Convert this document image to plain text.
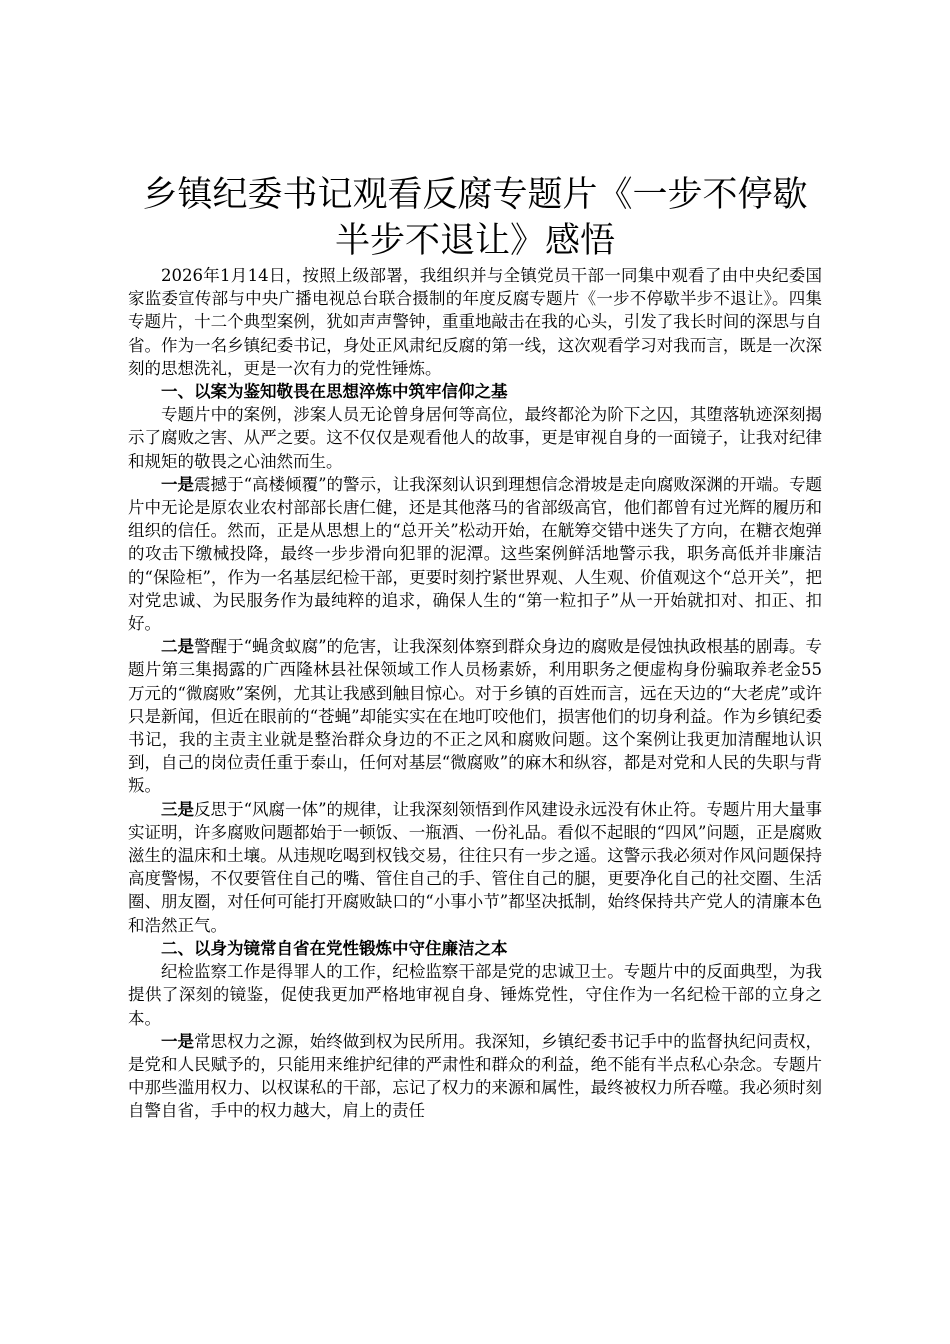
乡镇纪委书记观看反腐专题片《一步不停歇半步不退让》感悟

2026年1月14日，按照上级部署，我组织并与全镇党员干部一同集中观看了由中央纪委国家监委宣传部与中央广播电视总台联合摄制的年度反腐专题片《一步不停歇半步不退让》。四集专题片，十二个典型案例，犹如声声警钟，重重地敲击在我的心头，引发了我长时间的深思与自省。作为一名乡镇纪委书记，身处正风肃纪反腐的第一线，这次观看学习对我而言，既是一次深刻的思想洗礼，更是一次有力的党性锤炼。

一、以案为鉴知敬畏在思想淬炼中筑牢信仰之基

专题片中的案例，涉案人员无论曾身居何等高位，最终都沦为阶下之囚，其堕落轨迹深刻揭示了腐败之害、从严之要。这不仅仅是观看他人的故事，更是审视自身的一面镜子，让我对纪律和规矩的敬畏之心油然而生。

一是震撼于“高楼倾覆”的警示，让我深刻认识到理想信念滑坡是走向腐败深渊的开端。专题片中无论是原农业农村部部长唐仁健，还是其他落马的省部级高官，他们都曾有过光辉的履历和组织的信任。然而，正是从思想上的“总开关”松动开始，在觥筹交错中迷失了方向，在糖衣炮弹的攻击下缴械投降，最终一步步滑向犯罪的泥潭。这些案例鲜活地警示我，职务高低并非廉洁的“保险柜”，作为一名基层纪检干部，更要时刻拧紧世界观、人生观、价值观这个“总开关”，把对党忠诚、为民服务作为最纯粹的追求，确保人生的“第一粒扣子”从一开始就扣对、扣正、扣好。

二是警醒于“蝇贪蚁腐”的危害，让我深刻体察到群众身边的腐败是侵蚀执政根基的剧毒。专题片第三集揭露的广西隆林县社保领域工作人员杨素娇，利用职务之便虚构身份骗取养老金55万元的“微腐败”案例，尤其让我感到触目惊心。对于乡镇的百姓而言，远在天边的“大老虎”或许只是新闻，但近在眼前的“苍蝇”却能实实在在地叮咬他们，损害他们的切身利益。作为乡镇纪委书记，我的主责主业就是整治群众身边的不正之风和腐败问题。这个案例让我更加清醒地认识到，自己的岗位责任重于泰山，任何对基层“微腐败”的麻木和纵容，都是对党和人民的失职与背叛。

三是反思于“风腐一体”的规律，让我深刻领悟到作风建设永远没有休止符。专题片用大量事实证明，许多腐败问题都始于一顿饭、一瓶酒、一份礼品。看似不起眼的“四风”问题，正是腐败滋生的温床和土壤。从违规吃喝到权钱交易，往往只有一步之遥。这警示我必须对作风问题保持高度警惕，不仅要管住自己的嘴、管住自己的手、管住自己的腿，更要净化自己的社交圈、生活圈、朋友圈，对任何可能打开腐败缺口的“小事小节”都坚决抵制，始终保持共产党人的清廉本色和浩然正气。

二、以身为镜常自省在党性锻炼中守住廉洁之本

纪检监察工作是得罪人的工作，纪检监察干部是党的忠诚卫士。专题片中的反面典型，为我提供了深刻的镜鉴，促使我更加严格地审视自身、锤炼党性，守住作为一名纪检干部的立身之本。

一是常思权力之源，始终做到权为民所用。我深知，乡镇纪委书记手中的监督执纪问责权，是党和人民赋予的，只能用来维护纪律的严肃性和群众的利益，绝不能有半点私心杂念。专题片中那些滥用权力、以权谋私的干部，忘记了权力的来源和属性，最终被权力所吞噬。我必须时刻自警自省，手中的权力越大，肩上的责任
